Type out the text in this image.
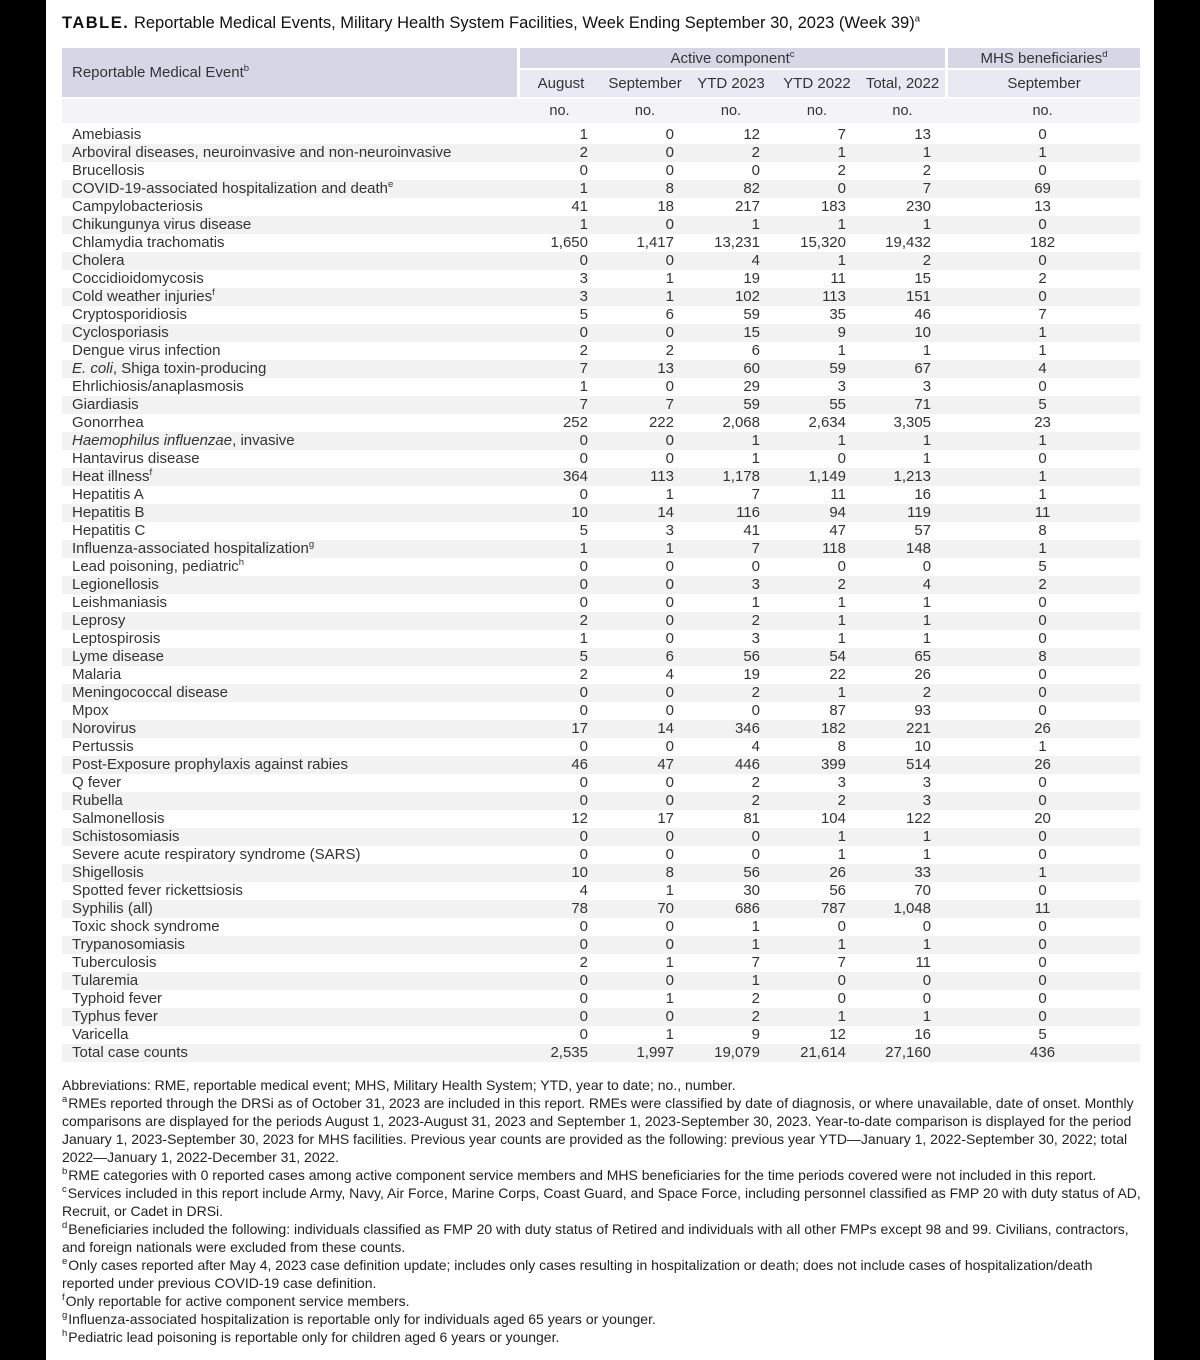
TABLE. Reportable Medical Events, Military Health System Facilities, Week Ending September 30, 2023 (Week 39)$^a$

Reportable Medical Event$^b$	Active component$^c$					MHS beneficiaries$^d$
	August	September	YTD 2023	YTD 2022	Total, 2022	September
	no.	no.	no.	no.	no.	no.
Amebiasis	1	0	12	7	13	0
Arboviral diseases, neuroinvasive and non-neuroinvasive	2	0	2	1	1	1
Brucellosis	0	0	0	2	2	0
COVID-19-associated hospitalization and death$^e$	1	8	82	0	7	69
Campylobacteriosis	41	18	217	183	230	13
Chikungunya virus disease	1	0	1	1	1	0
Chlamydia trachomatis	1,650	1,417	13,231	15,320	19,432	182
Cholera	0	0	4	1	2	0
Coccidioidomycosis	3	1	19	11	15	2
Cold weather injuries$^f$	3	1	102	113	151	0
Cryptosporidiosis	5	6	59	35	46	7
Cyclosporiasis	0	0	15	9	10	1
Dengue virus infection	2	2	6	1	1	1
E. coli, Shiga toxin-producing	7	13	60	59	67	4
Ehrlichiosis/anaplasmosis	1	0	29	3	3	0
Giardiasis	7	7	59	55	71	5
Gonorrhea	252	222	2,068	2,634	3,305	23
Haemophilus influenzae, invasive	0	0	1	1	1	1
Hantavirus disease	0	0	1	0	1	0
Heat illness$^f$	364	113	1,178	1,149	1,213	1
Hepatitis A	0	1	7	11	16	1
Hepatitis B	10	14	116	94	119	11
Hepatitis C	5	3	41	47	57	8
Influenza-associated hospitalization$^g$	1	1	7	118	148	1
Lead poisoning, pediatric$^h$	0	0	0	0	0	5
Legionellosis	0	0	3	2	4	2
Leishmaniasis	0	0	1	1	1	0
Leprosy	2	0	2	1	1	0
Leptospirosis	1	0	3	1	1	0
Lyme disease	5	6	56	54	65	8
Malaria	2	4	19	22	26	0
Meningococcal disease	0	0	2	1	2	0
Mpox	0	0	0	87	93	0
Norovirus	17	14	346	182	221	26
Pertussis	0	0	4	8	10	1
Post-Exposure prophylaxis against rabies	46	47	446	399	514	26
Q fever	0	0	2	3	3	0
Rubella	0	0	2	2	3	0
Salmonellosis	12	17	81	104	122	20
Schistosomiasis	0	0	0	1	1	0
Severe acute respiratory syndrome (SARS)	0	0	0	1	1	0
Shigellosis	10	8	56	26	33	1
Spotted fever rickettsiosis	4	1	30	56	70	0
Syphilis (all)	78	70	686	787	1,048	11
Toxic shock syndrome	0	0	1	0	0	0
Trypanosomiasis	0	0	1	1	1	0
Tuberculosis	2	1	7	7	11	0
Tularemia	0	0	1	0	0	0
Typhoid fever	0	1	2	0	0	0
Typhus fever	0	0	2	1	1	0
Varicella	0	1	9	12	16	5
Total case counts	2,535	1,997	19,079	21,614	27,160	436

Abbreviations: RME, reportable medical event; MHS, Military Health System; YTD, year to date; no., number.

$^a$RMEs reported through the DRSi as of October 31, 2023 are included in this report. RMEs were classified by date of diagnosis, or where unavailable, date of onset. Monthly comparisons are displayed for the periods August 1, 2023-August 31, 2023 and September 1, 2023-September 30, 2023. Year-to-date comparison is displayed for the period January 1, 2023-September 30, 2023 for MHS facilities. Previous year counts are provided as the following: previous year YTD—January 1, 2022-September 30, 2022; total 2022—January 1, 2022-December 31, 2022.

$^b$RME categories with 0 reported cases among active component service members and MHS beneficiaries for the time periods covered were not included in this report.

$^c$Services included in this report include Army, Navy, Air Force, Marine Corps, Coast Guard, and Space Force, including personnel classified as FMP 20 with duty status of AD, Recruit, or Cadet in DRSi.

$^d$Beneficiaries included the following: individuals classified as FMP 20 with duty status of Retired and individuals with all other FMPs except 98 and 99. Civilians, contractors, and foreign nationals were excluded from these counts.

$^e$Only cases reported after May 4, 2023 case definition update; includes only cases resulting in hospitalization or death; does not include cases of hospitalization/death reported under previous COVID-19 case definition.

$^f$Only reportable for active component service members.

$^g$Influenza-associated hospitalization is reportable only for individuals aged 65 years or younger.

$^h$Pediatric lead poisoning is reportable only for children aged 6 years or younger.
